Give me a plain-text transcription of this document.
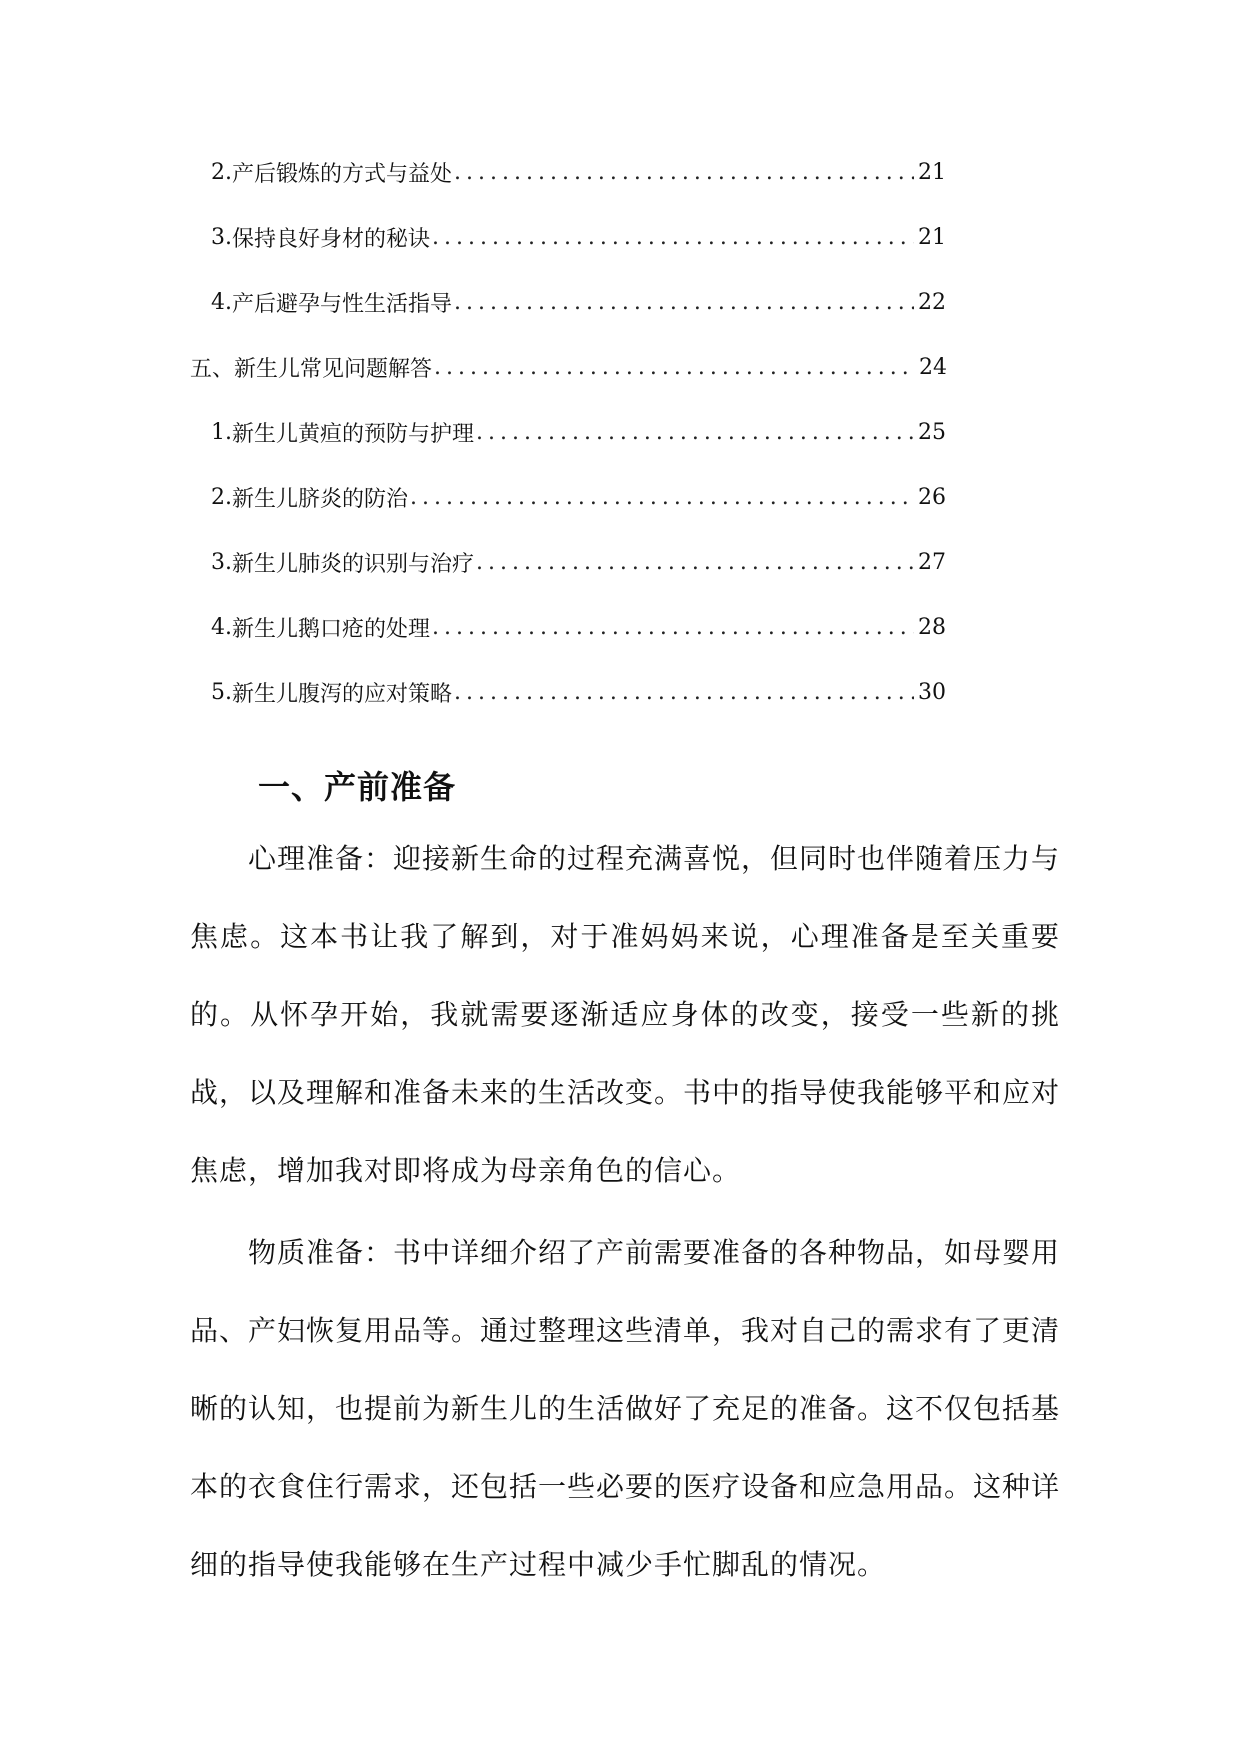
2. 产后锻炼的方式与益处 .....	21
3. 保持良好身材的秘诀 .....	21
4. 产后避孕与性生活指导 .....	22
五、新生儿常见问题解答 .....	24
1. 新生儿黄疸的预防与护理 .....	25
2. 新生儿脐炎的防治 .....	26
3. 新生儿肺炎的识别与治疗 .....	27
4. 新生儿鹅口疮的处理 .....	28
5. 新生儿腹泻的应对策略 .....	30
一、产前准备

心理准备：迎接新生命的过程充满喜悦，但同时也伴随着压力与焦虑。这本书让我了解到，对于准妈妈来说，心理准备是至关重要的。从怀孕开始，我就需要逐渐适应身体的改变，接受一些新的挑战，以及理解和准备未来的生活改变。书中的指导使我能够平和应对焦虑，增加我对即将成为母亲角色的信心。

物质准备：书中详细介绍了产前需要准备的各种物品，如母婴用品、产妇恢复用品等。通过整理这些清单，我对自己的需求有了更清晰的认知，也提前为新生儿的生活做好了充足的准备。这不仅包括基本的衣食住行需求，还包括一些必要的医疗设备和应急用品。这种详细的指导使我能够在生产过程中减少手忙脚乱的情况。
